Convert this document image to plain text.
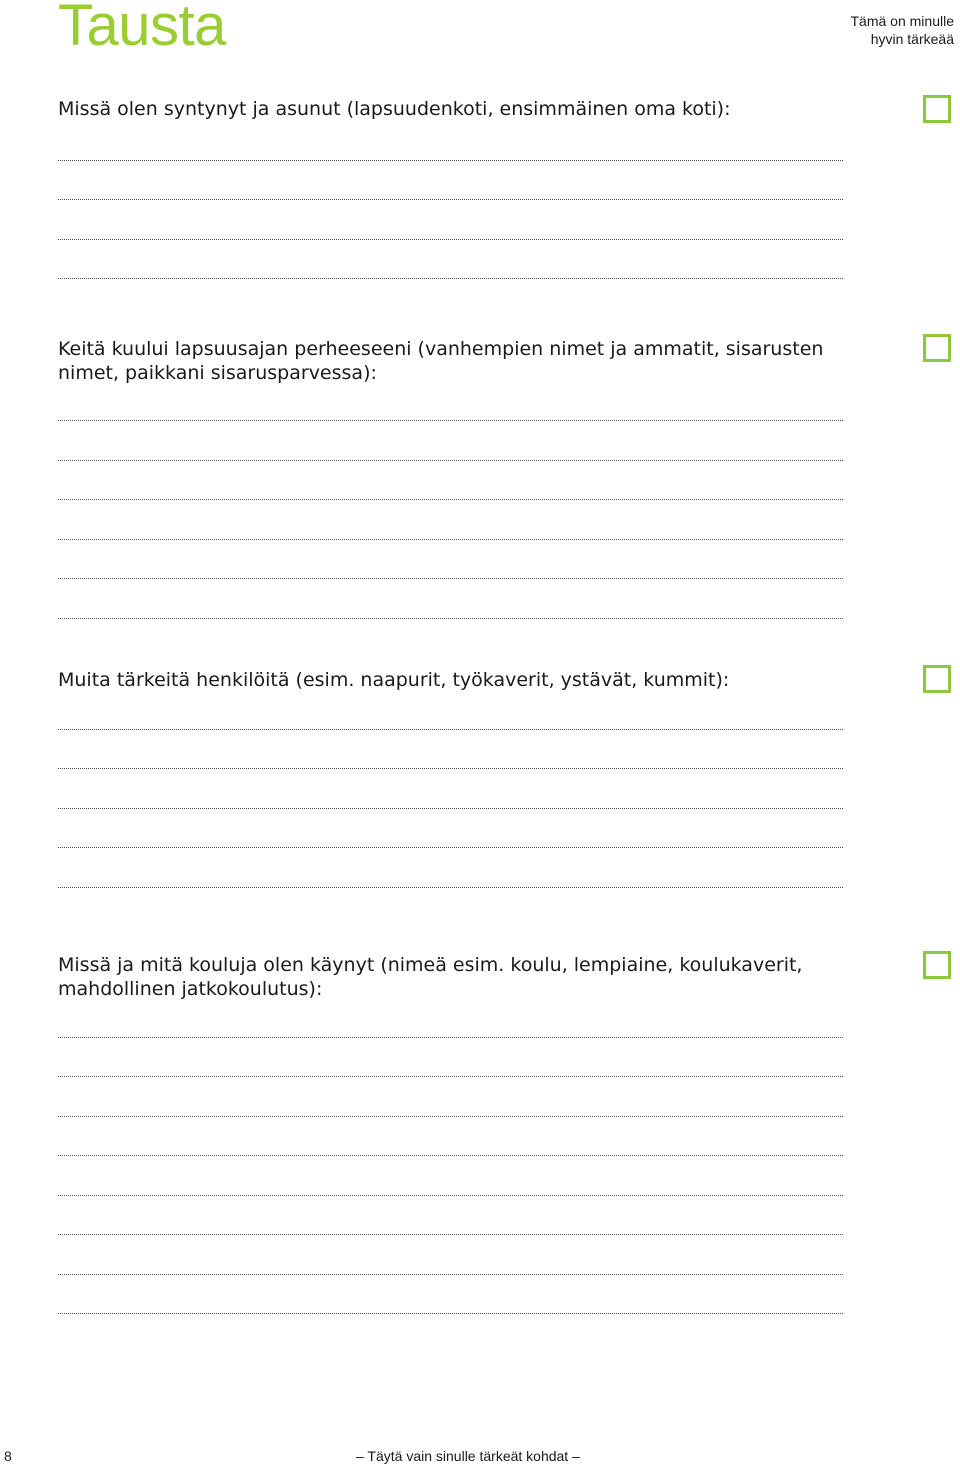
Tausta	Tämä on minulle
hyvin tärkeää
Missä olen syntynyt ja asunut (lapsuudenkoti, ensimmäinen oma koti):
Keitä kuului lapsuusajan perheeseeni (vanhempien nimet ja ammatit, sisarusten
nimet, paikkani sisarusparvessa):
Muita tärkeitä henkilöitä (esim. naapurit, työkaverit, ystävät, kummit):
Missä ja mitä kouluja olen käynyt (nimeä esim. koulu, lempiaine, koulukaverit,
mahdollinen jatkokoulutus):
8	– Täytä vain sinulle tärkeät kohdat –
